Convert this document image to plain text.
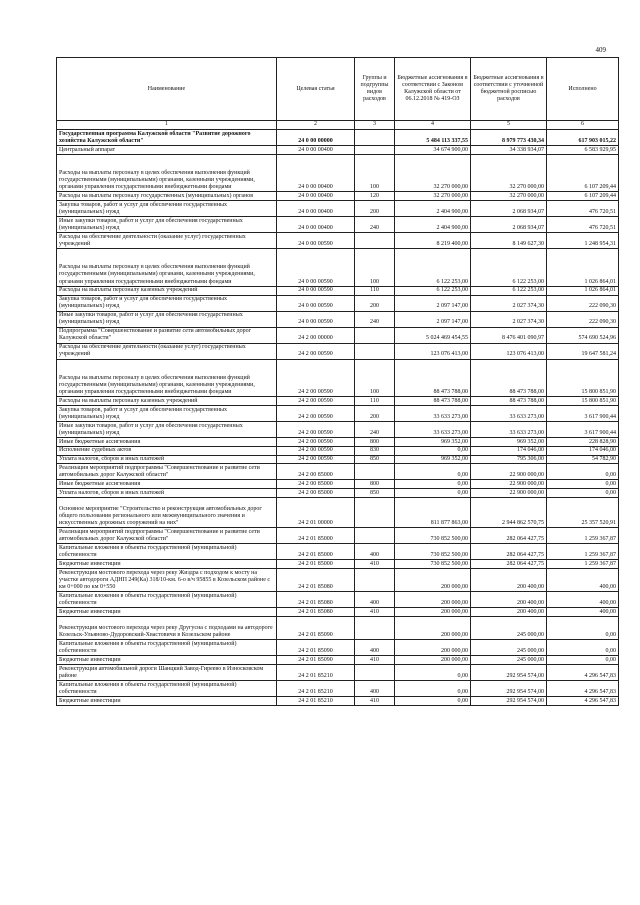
409
Наименование	Целевая статья	Группы и подгруппы видов расходов	Бюджетные ассигнования в соответствии с Законом Калужской области от 06.12.2018 № 419-ОЗ	Бюджетные ассигнования в соответствии с уточненной бюджетной росписью расходов	Исполнено
1	2	3	4	5	6
Государственная программа Калужской области "Развитие дорожного хозяйства Калужской области"	24 0 00 00000		5 484 113 337,55	8 979 773 430,34	617 903 015,22
Центральный аппарат	24 0 00 00400		34 674 900,00	34 338 934,07	6 583 929,95
Расходы на выплаты персоналу в целях обеспечения выполнения функций государственными (муниципальными) органами, казенными учреждениями, органами управления государственными внебюджетными фондами	24 0 00 00400	100	32 270 000,00	32 270 000,00	6 107 209,44
Расходы на выплаты персоналу государственных (муниципальных) органов	24 0 00 00400	120	32 270 000,00	32 270 000,00	6 107 209,44
Закупка товаров, работ и услуг для обеспечения государственных (муниципальных) нужд	24 0 00 00400	200	2 404 900,00	2 068 934,07	476 720,51
Иные закупки товаров, работ и услуг для обеспечения государственных (муниципальных) нужд	24 0 00 00400	240	2 404 900,00	2 068 934,07	476 720,51
Расходы на обеспечение деятельности (оказание услуг) государственных учреждений	24 0 00 00590		8 219 400,00	8 149 627,30	1 248 954,31
Расходы на выплаты персоналу в целях обеспечения выполнения функций государственными (муниципальными) органами, казенными учреждениями, органами управления государственными внебюджетными фондами	24 0 00 00590	100	6 122 253,00	6 122 253,00	1 026 864,01
Расходы на выплаты персоналу казенных учреждений	24 0 00 00590	110	6 122 253,00	6 122 253,00	1 026 864,01
Закупка товаров, работ и услуг для обеспечения государственных (муниципальных) нужд	24 0 00 00590	200	2 097 147,00	2 027 374,30	222 090,30
Иные закупки товаров, работ и услуг для обеспечения государственных (муниципальных) нужд	24 0 00 00590	240	2 097 147,00	2 027 374,30	222 090,30
Подпрограмма "Совершенствование и развитие сети автомобильных дорог Калужской области"	24 2 00 00000		5 024 469 454,55	8 476 401 090,97	574 690 524,96
Расходы на обеспечение деятельности (оказание услуг) государственных учреждений	24 2 00 00590		123 076 413,00	123 076 413,00	19 647 581,24
Расходы на выплаты персоналу в целях обеспечения выполнения функций государственными (муниципальными) органами, казенными учреждениями, органами управления государственными внебюджетными фондами	24 2 00 00590	100	88 473 788,00	88 473 788,00	15 800 851,90
Расходы на выплаты персоналу казенных учреждений	24 2 00 00590	110	88 473 788,00	88 473 788,00	15 800 851,90
Закупка товаров, работ и услуг для обеспечения государственных (муниципальных) нужд	24 2 00 00590	200	33 633 273,00	33 633 273,00	3 617 900,44
Иные закупки товаров, работ и услуг для обеспечения государственных (муниципальных) нужд	24 2 00 00590	240	33 633 273,00	33 633 273,00	3 617 900,44
Иные бюджетные ассигнования	24 2 00 00590	800	969 352,00	969 352,00	228 828,90
Исполнение судебных актов	24 2 00 00590	830	0,00	174 046,00	174 046,00
Уплата налогов, сборов и иных платежей	24 2 00 00590	850	969 352,00	795 306,00	54 782,90
Реализация мероприятий подпрограммы "Совершенствование и развитие сети автомобильных дорог Калужской области"	24 2 00 85000		0,00	22 900 000,00	0,00
Иные бюджетные ассигнования	24 2 00 85000	800	0,00	22 900 000,00	0,00
Уплата налогов, сборов и иных платежей	24 2 00 85000	850	0,00	22 900 000,00	0,00
Основное мероприятие "Строительство и реконструкция автомобильных дорог общего пользования регионального или межмуниципального значения и искусственных дорожных сооружений на них"	24 2 01 00000		811 877 863,00	2 944 862 570,75	25 357 520,91
Реализация мероприятий подпрограммы "Совершенствование и развитие сети автомобильных дорог Калужской области"	24 2 01 85000		730 852 500,00	282 064 427,75	1 259 367,87
Капитальные вложения в объекты государственной (муниципальной) собственности	24 2 01 85000	400	730 852 500,00	282 064 427,75	1 259 367,87
Бюджетные инвестиции	24 2 01 85000	410	730 852 500,00	282 064 427,75	1 259 367,87
Реконструкция мостового перехода через реку Жиздра с подходом к мосту на участке автодороги АДНП 249(Ка) 318/10-км. 6-о в/ч 95855 в Козельском районе с км 0+000 по км 0+550	24 2 01 85080		200 000,00	200 400,00	400,00
Капитальные вложения в объекты государственной (муниципальной) собственности	24 2 01 85080	400	200 000,00	200 400,00	400,00
Бюджетные инвестиции	24 2 01 85080	410	200 000,00	200 400,00	400,00
Реконструкция мостового перехода через реку Другусна с подходами на автодороге Козельск-Ульяново-Дудоровский-Хвастовичи в Козельском районе	24 2 01 85090		200 000,00	245 000,00	0,00
Капитальные вложения в объекты государственной (муниципальной) собственности	24 2 01 85090	400	200 000,00	245 000,00	0,00
Бюджетные инвестиции	24 2 01 85090	410	200 000,00	245 000,00	0,00
Реконструкция автомобильной дороги Шанцкий Завод-Гиреево в Износковском районе	24 2 01 85210		0,00	292 954 574,00	4 296 547,83
Капитальные вложения в объекты государственной (муниципальной) собственности	24 2 01 85210	400	0,00	292 954 574,00	4 296 547,83
Бюджетные инвестиции	24 2 01 85210	410	0,00	292 954 574,00	4 296 547,83
